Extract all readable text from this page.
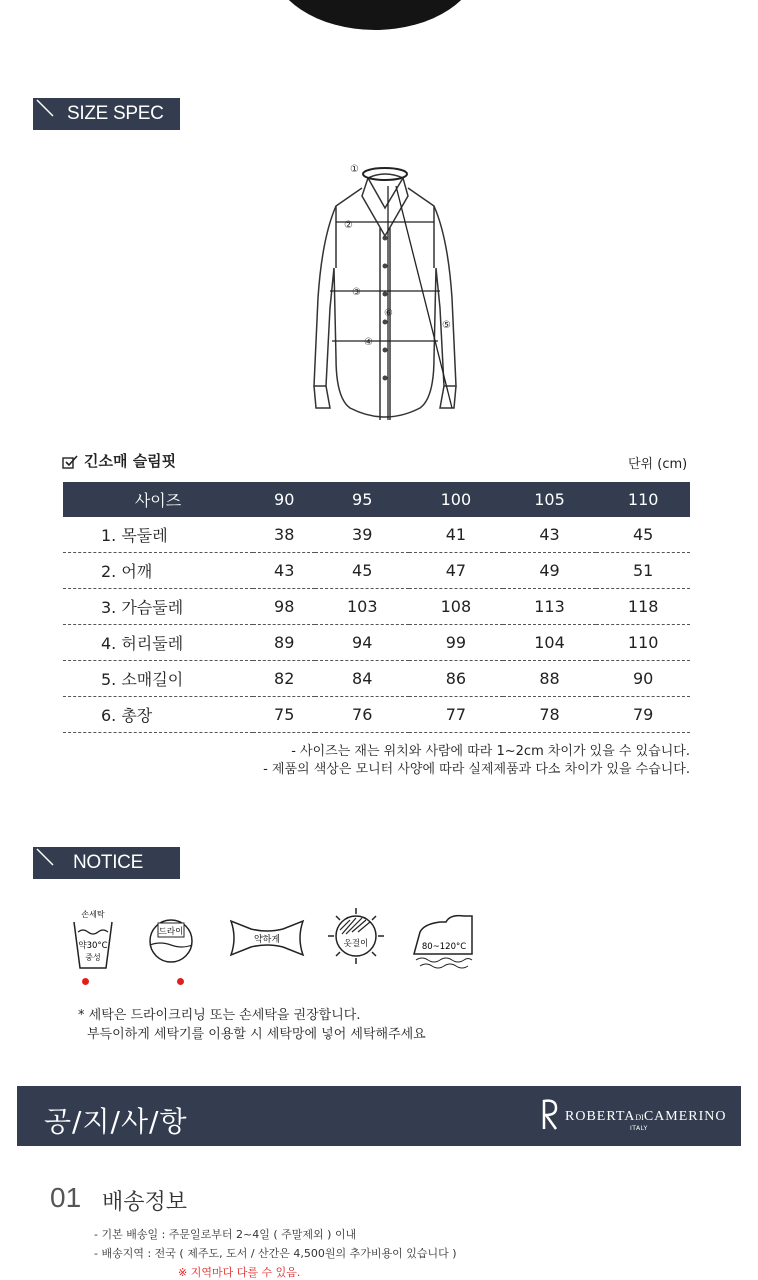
SIZE SPEC
①
②
③
④
⑤
⑥
긴소매 슬림핏	단위 (cm)
사이즈	90	95	100	105	110
1. 목둘레	38	39	41	43	45
2. 어깨	43	45	47	49	51
3. 가슴둘레	98	103	108	113	118
4. 허리둘레	89	94	99	104	110
5. 소매길이	82	84	86	88	90
6. 총장	75	76	77	78	79
- 사이즈는 재는 위치와 사람에 따라 1~2cm 차이가 있을 수 있습니다.
- 제품의 색상은 모니터 사양에 따라 실제제품과 다소 차이가 있을 수습니다.
NOTICE
손세탁
약30°C
중성
드라이
약하게	옷걸이	80~120°C
* 세탁은 드라이크리닝 또는 손세탁을 권장합니다.
부득이하게 세탁기를 이용할 시 세탁망에 넣어 세탁해주세요
공/지/사/항	ROBERTADICAMERINO
ITALY
01 배송정보
- 기본 배송일 : 주문일로부터 2~4일 ( 주말제외 ) 이내
- 배송지역 : 전국 ( 제주도, 도서 / 산간은 4,500원의 추가비용이 있습니다 )
※ 지역마다 다를 수 있음.
